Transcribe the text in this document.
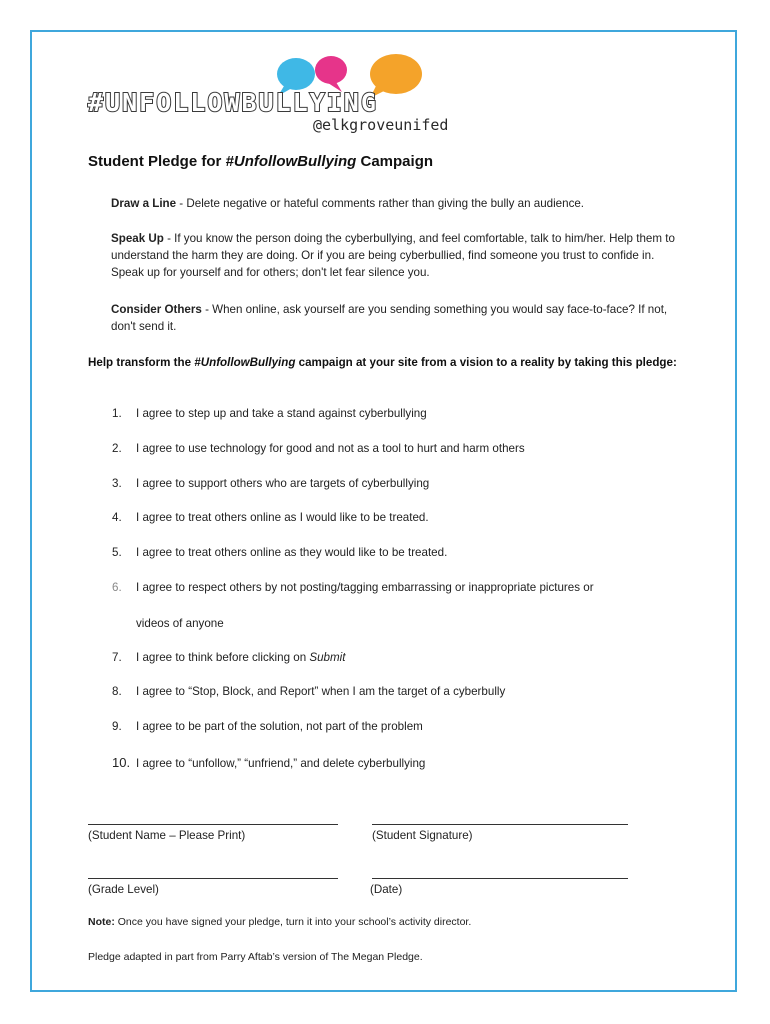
#UNFOLLOWBULLYING

@elkgroveunifed
Student Pledge for #UnfollowBullying Campaign

Draw a Line - Delete negative or hateful comments rather than giving the bully an audience.

Speak Up - If you know the person doing the cyberbullying, and feel comfortable, talk to him/her. Help them to understand the harm they are doing. Or if you are being cyberbullied, find someone you trust to confide in. Speak up for yourself and for others; don't let fear silence you.

Consider Others - When online, ask yourself are you sending something you would say face-to-face? If not, don't send it.

Help transform the #UnfollowBullying campaign at your site from a vision to a reality by taking this pledge:

1. I agree to step up and take a stand against cyberbullying

2. I agree to use technology for good and not as a tool to hurt and harm others

3. I agree to support others who are targets of cyberbullying

4. I agree to treat others online as I would like to be treated.

5. I agree to treat others online as they would like to be treated.

6. I agree to respect others by not posting/tagging embarrassing or inappropriate pictures or

videos of anyone

7. I agree to think before clicking on Submit

8. I agree to “Stop, Block, and Report” when I am the target of a cyberbully

9. I agree to be part of the solution, not part of the problem

10. I agree to “unfollow,” “unfriend,” and delete cyberbullying

(Student Name – Please Print)	(Student Signature)

(Grade Level)	(Date)

Note: Once you have signed your pledge, turn it into your school’s activity director.

Pledge adapted in part from Parry Aftab’s version of The Megan Pledge.
